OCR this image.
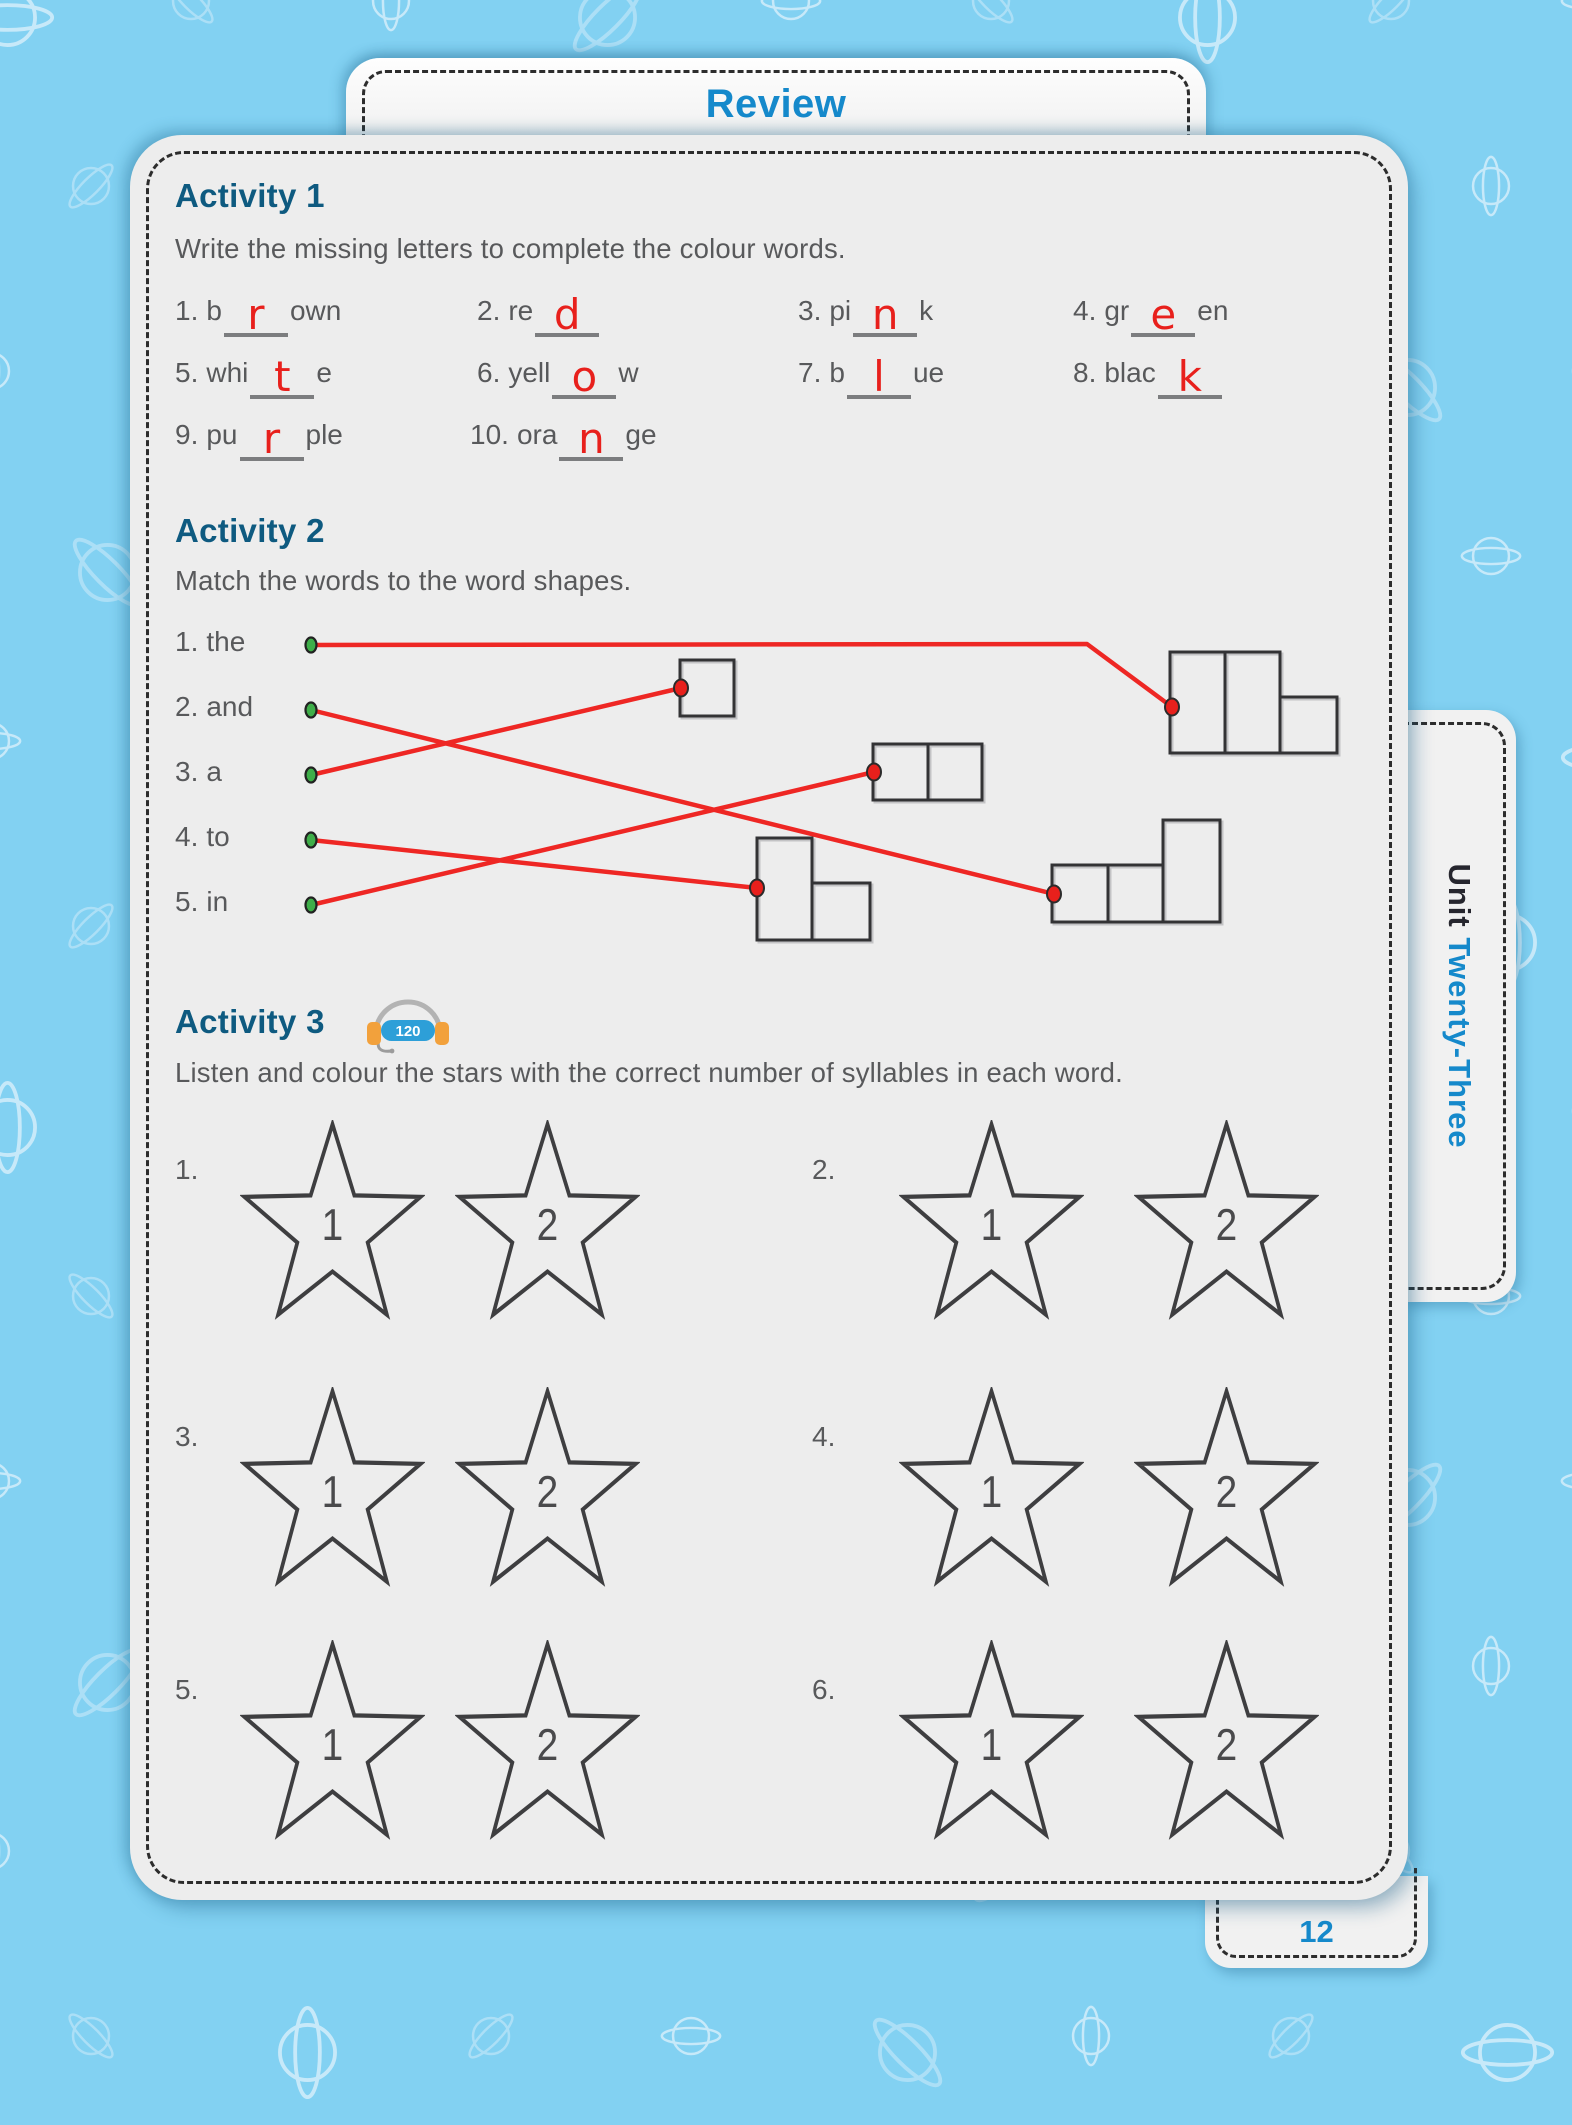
Review
Unit Twenty-Three
12
Activity 1
Write the missing letters to complete the colour words.
1. b r own	2. re d	3. pi n k	4. gr e en
5. whi t e	6. yell o w	7. b l ue	8. blac k
9. pu r ple	10. ora n ge
Activity 2
Match the words to the word shapes.
1. the
2. and
3. a
4. to
5. in
Activity 3	120
Listen and colour the stars with the correct number of syllables in each word.
1.
1	2
2.
1	2
3.
1	2
4.
1	2
5.
1	2
6.
1	2
